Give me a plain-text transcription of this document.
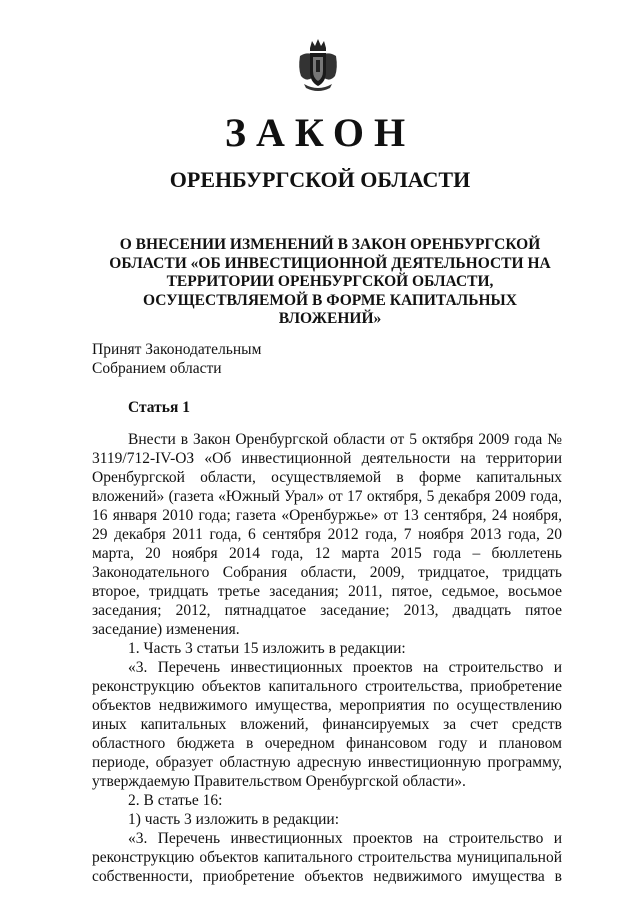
ЗАКОН
ОРЕНБУРГСКОЙ ОБЛАСТИ
О ВНЕСЕНИИ ИЗМЕНЕНИЙ В ЗАКОН ОРЕНБУРГСКОЙ ОБЛАСТИ «ОБ ИНВЕСТИЦИОННОЙ ДЕЯТЕЛЬНОСТИ НА ТЕРРИТОРИИ ОРЕНБУРГСКОЙ ОБЛАСТИ, ОСУЩЕСТВЛЯЕМОЙ В ФОРМЕ КАПИТАЛЬНЫХ ВЛОЖЕНИЙ»
Принят Законодательным
Собранием области
Статья 1

Внести в Закон Оренбургской области от 5 октября 2009 года № 3119/712-IV-ОЗ «Об инвестиционной деятельности на территории Оренбургской области, осуществляемой в форме капитальных вложений» (газета «Южный Урал» от 17 октября, 5 декабря 2009 года, 16 января 2010 года; газета «Оренбуржье» от 13 сентября, 24 ноября, 29 декабря 2011 года, 6 сентября 2012 года, 7 ноября 2013 года, 20 марта, 20 ноября 2014 года, 12 марта 2015 года – бюллетень Законодательного Собрания области, 2009, тридцатое, тридцать второе, тридцать третье заседания; 2011, пятое, седьмое, восьмое заседания; 2012, пятнадцатое заседание; 2013, двадцать пятое заседание) изменения.

1. Часть 3 статьи 15 изложить в редакции:

«3. Перечень инвестиционных проектов на строительство и реконструкцию объектов капитального строительства, приобретение объектов недвижимого имущества, мероприятия по осуществлению иных капитальных вложений, финансируемых за счет средств областного бюджета в очередном финансовом году и плановом периоде, образует областную адресную инвестиционную программу, утверждаемую Правительством Оренбургской области».

2. В статье 16:

1) часть 3 изложить в редакции:

«3. Перечень инвестиционных проектов на строительство и реконструкцию объектов капитального строительства муниципальной собственности, приобретение объектов недвижимого имущества в
